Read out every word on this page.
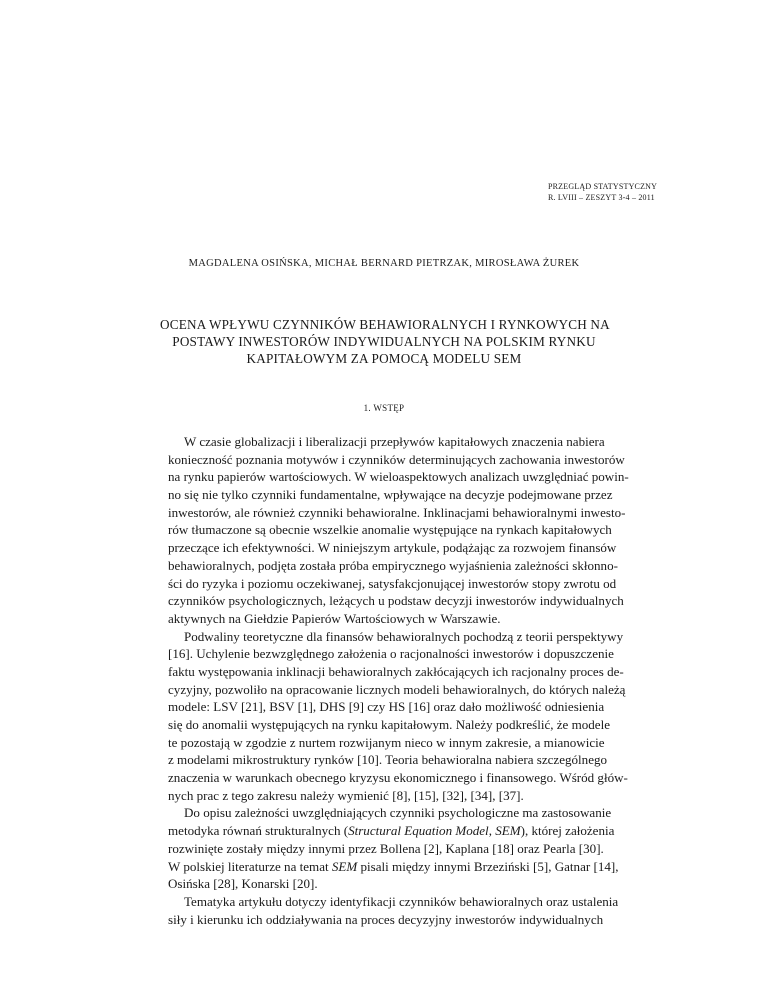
PRZEGLĄD STATYSTYCZNY
R. LVIII – ZESZYT 3-4 – 2011
MAGDALENA OSIŃSKA, MICHAŁ BERNARD PIETRZAK, MIROSŁAWA ŻUREK
OCENA WPŁYWU CZYNNIKÓW BEHAWIORALNYCH I RYNKOWYCH NA
POSTAWY INWESTORÓW INDYWIDUALNYCH NA POLSKIM RYNKU
KAPITAŁOWYM ZA POMOCĄ MODELU SEM
1. WSTĘP
W czasie globalizacji i liberalizacji przepływów kapitałowych znaczenia nabiera
konieczność poznania motywów i czynników determinujących zachowania inwestorów
na rynku papierów wartościowych. W wieloaspektowych analizach uwzględniać powin-
no się nie tylko czynniki fundamentalne, wpływające na decyzje podejmowane przez
inwestorów, ale również czynniki behawioralne. Inklinacjami behawioralnymi inwesto-
rów tłumaczone są obecnie wszelkie anomalie występujące na rynkach kapitałowych
przeczące ich efektywności. W niniejszym artykule, podążając za rozwojem finansów
behawioralnych, podjęta została próba empirycznego wyjaśnienia zależności skłonno-
ści do ryzyka i poziomu oczekiwanej, satysfakcjonującej inwestorów stopy zwrotu od
czynników psychologicznych, leżących u podstaw decyzji inwestorów indywidualnych
aktywnych na Giełdzie Papierów Wartościowych w Warszawie.
Podwaliny teoretyczne dla finansów behawioralnych pochodzą z teorii perspektywy
[16]. Uchylenie bezwzględnego założenia o racjonalności inwestorów i dopuszczenie
faktu występowania inklinacji behawioralnych zakłócających ich racjonalny proces de-
cyzyjny, pozwoliło na opracowanie licznych modeli behawioralnych, do których należą
modele: LSV [21], BSV [1], DHS [9] czy HS [16] oraz dało możliwość odniesienia
się do anomalii występujących na rynku kapitałowym. Należy podkreślić, że modele
te pozostają w zgodzie z nurtem rozwijanym nieco w innym zakresie, a mianowicie
z modelami mikrostruktury rynków [10]. Teoria behawioralna nabiera szczególnego
znaczenia w warunkach obecnego kryzysu ekonomicznego i finansowego. Wśród głów-
nych prac z tego zakresu należy wymienić [8], [15], [32], [34], [37].
Do opisu zależności uwzględniających czynniki psychologiczne ma zastosowanie
metodyka równań strukturalnych (Structural Equation Model, SEM), której założenia
rozwinięte zostały między innymi przez Bollena [2], Kaplana [18] oraz Pearla [30].
W polskiej literaturze na temat SEM pisali między innymi Brzeziński [5], Gatnar [14],
Osińska [28], Konarski [20].
Tematyka artykułu dotyczy identyfikacji czynników behawioralnych oraz ustalenia
siły i kierunku ich oddziaływania na proces decyzyjny inwestorów indywidualnych
